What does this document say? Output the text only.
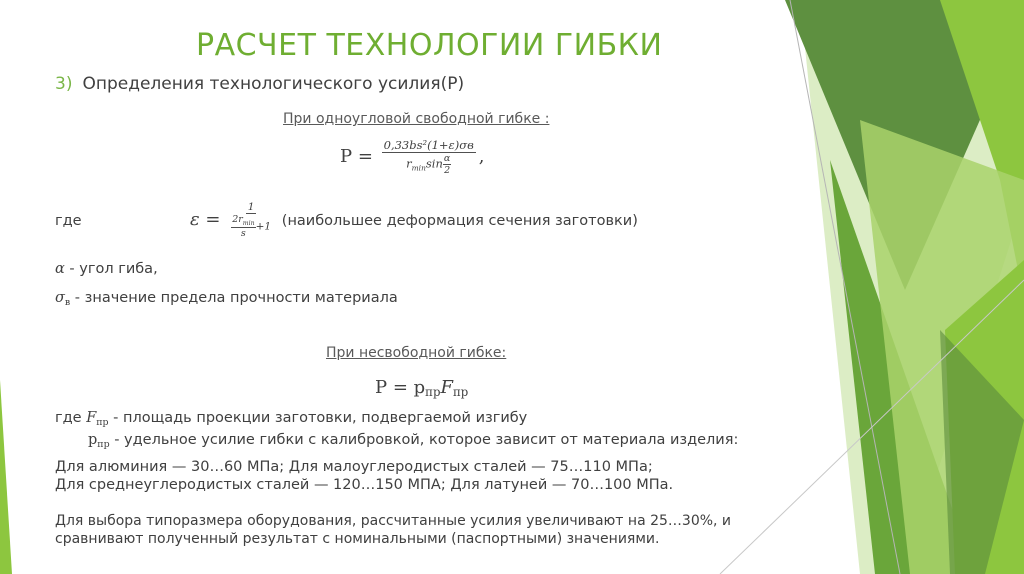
РАСЧЕТ ТЕХНОЛОГИИ ГИБКИ
3) Определения технологического усилия(P)
При одноугловой свободной гибке :
$P = \frac{\text{0,33bs²(1+ε)σв}}{r_{min}\sin \frac{\alpha}{2}}$ ,
где	$\varepsilon = \frac{1}{\frac{2r_{min}}{s} +1}$ (наибольшее деформация сечения заготовки)
α - угол гиба,
$\sigma_в$ - значение предела прочности материала
При несвободной гибке:
$P = p_{пр}F_{пр}$
где $F_{пр}$ - площадь проекции заготовки, подвергаемой изгибу
$p_{пр}$ - удельное усилие гибки с калибровкой, которое зависит от материала изделия:
Для алюминия — 30…60 МПа; Для малоуглеродистых сталей — 75…110 МПа;
Для среднеуглеродистых сталей — 120…150 МПА; Для латуней — 70…100 МПа.
Для выбора типоразмера оборудования, рассчитанные усилия увеличивают на 25…30%, и
сравнивают полученный результат с номинальными (паспортными) значениями.
